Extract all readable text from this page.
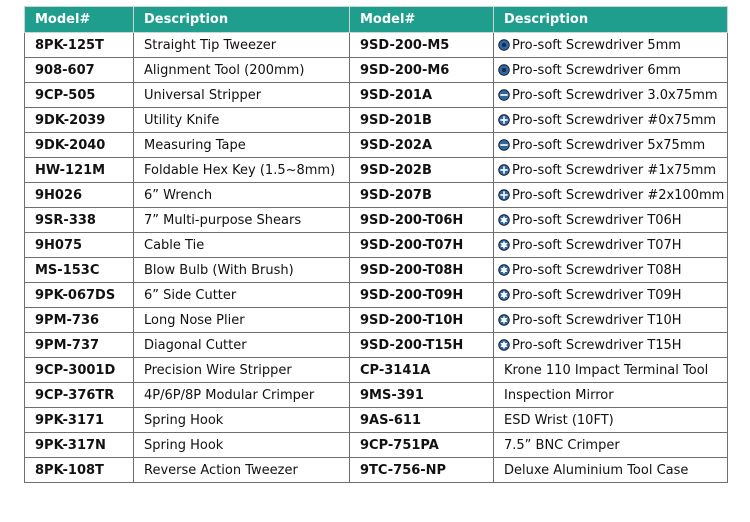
Model#	Description	Model#	Description
8PK-125T	Straight Tip Tweezer	9SD-200-M5	Pro-soft Screwdriver 5mm
908-607	Alignment Tool (200mm)	9SD-200-M6	Pro-soft Screwdriver 6mm
9CP-505	Universal Stripper	9SD-201A	Pro-soft Screwdriver 3.0x75mm
9DK-2039	Utility Knife	9SD-201B	Pro-soft Screwdriver #0x75mm
9DK-2040	Measuring Tape	9SD-202A	Pro-soft Screwdriver 5x75mm
HW-121M	Foldable Hex Key (1.5~8mm)	9SD-202B	Pro-soft Screwdriver #1x75mm
9H026	6” Wrench	9SD-207B	Pro-soft Screwdriver #2x100mm
9SR-338	7” Multi-purpose Shears	9SD-200-T06H	Pro-soft Screwdriver T06H
9H075	Cable Tie	9SD-200-T07H	Pro-soft Screwdriver T07H
MS-153C	Blow Bulb (With Brush)	9SD-200-T08H	Pro-soft Screwdriver T08H
9PK-067DS	6” Side Cutter	9SD-200-T09H	Pro-soft Screwdriver T09H
9PM-736	Long Nose Plier	9SD-200-T10H	Pro-soft Screwdriver T10H
9PM-737	Diagonal Cutter	9SD-200-T15H	Pro-soft Screwdriver T15H
9CP-3001D	Precision Wire Stripper	CP-3141A	Krone 110 Impact Terminal Tool
9CP-376TR	4P/6P/8P Modular Crimper	9MS-391	Inspection Mirror
9PK-3171	Spring Hook	9AS-611	ESD Wrist (10FT)
9PK-317N	Spring Hook	9CP-751PA	7.5” BNC Crimper
8PK-108T	Reverse Action Tweezer	9TC-756-NP	Deluxe Aluminium Tool Case
